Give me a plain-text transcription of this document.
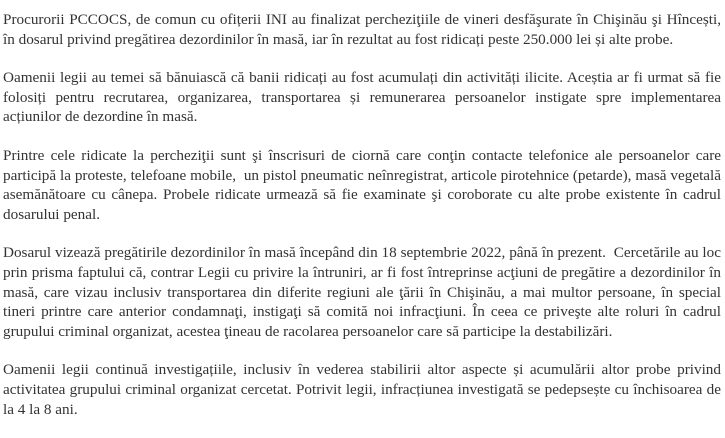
Procurorii PCCOCS, de comun cu ofițerii INI au finalizat percheziţiile de vineri desfăşurate în Chişinău şi Hîncești, în dosarul privind pregătirea dezordinilor în masă, iar în rezultat au fost ridicați peste 250.000 lei și alte probe.

Oamenii legii au temei să bănuiască că banii ridicați au fost acumulați din activități ilicite. Aceștia ar fi urmat să fie folosiți pentru recrutarea, organizarea, transportarea și remunerarea persoanelor instigate spre implementarea acțiunilor de dezordine în masă.

Printre cele ridicate la percheziţii sunt şi înscrisuri de ciornă care conţin contacte telefonice ale persoanelor care participă la proteste, telefoane mobile,  un pistol pneumatic neînregistrat, articole pirotehnice (petarde), masă vegetală asemănătoare cu cânepa. Probele ridicate urmează să fie examinate şi coroborate cu alte probe existente în cadrul dosarului penal.

Dosarul vizează pregătirile dezordinilor în masă începând din 18 septembrie 2022, până în prezent.  Cercetările au loc prin prisma faptului că, contrar Legii cu privire la întruniri, ar fi fost întreprinse acţiuni de pregătire a dezordinilor în masă, care vizau inclusiv transportarea din diferite regiuni ale ţării în Chişinău, a mai multor persoane, în special tineri printre care anterior condamnaţi, instigaţi să comită noi infracţiuni. În ceea ce priveşte alte roluri în cadrul grupului criminal organizat, acestea ţineau de racolarea persoanelor care să participe la destabilizări.

Oamenii legii continuă investigațiile, inclusiv în vederea stabilirii altor aspecte și acumulării altor probe privind activitatea grupului criminal organizat cercetat. Potrivit legii, infracțiunea investigată se pedepsește cu închisoarea de la 4 la 8 ani.
